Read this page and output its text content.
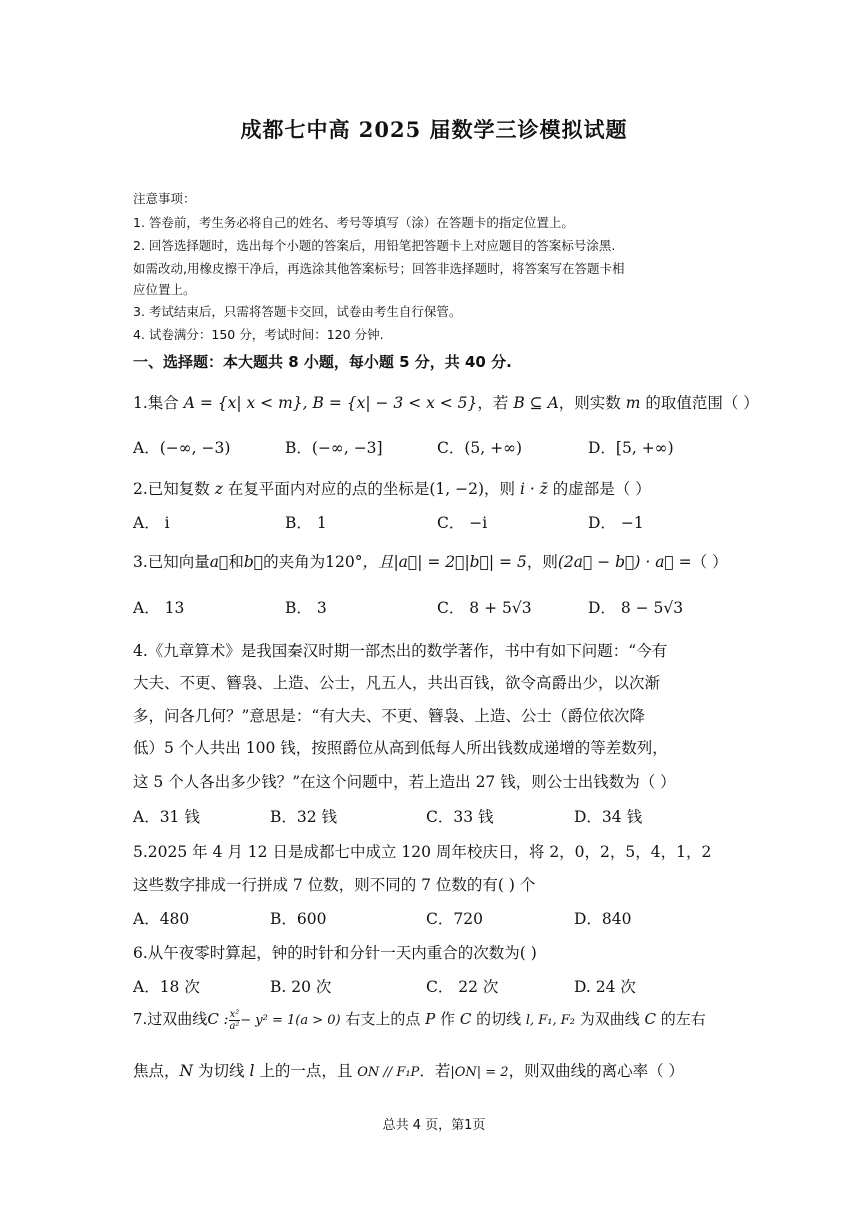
成都七中高 2025 届数学三诊模拟试题
注意事项：
1. 答卷前，考生务必将自己的姓名、考号等填写（涂）在答题卡的指定位置上。
2. 回答选择题时，选出每个小题的答案后，用铅笔把答题卡上对应题目的答案标号涂黑.
如需改动,用橡皮擦干净后，再选涂其他答案标号；回答非选择题时，将答案写在答题卡相
应位置上。
3. 考试结束后，只需将答题卡交回，试卷由考生自行保管。
4. 试卷满分：150 分，考试时间：120 分钟.
一、选择题：本大题共 8 小题，每小题 5 分，共 40 分.
1.集合 A = {x| x < m}, B = {x| − 3 < x < 5}，若 B ⊆ A，则实数 m 的取值范围（ ）
A．(−∞, −3)	B．(−∞, −3]	C．(5, +∞)	D．[5, +∞)
2.已知复数 z 在复平面内对应的点的坐标是(1, −2)，则 i · z̄ 的虚部是（ ）
A． i	B． 1	C． −i	D． −1
3.已知向量a⃗和b⃗的夹角为120°，且|a⃗| = 2，|b⃗| = 5，则(2a⃗ − b⃗) · a⃗ =（ ）
A． 13	B． 3	C． 8 + 5√3	D． 8 − 5√3
4.《九章算术》是我国秦汉时期一部杰出的数学著作，书中有如下问题：“今有
大夫、不更、簪袅、上造、公士，凡五人，共出百钱，欲令高爵出少，以次渐
多，问各几何？”意思是：“有大夫、不更、簪袅、上造、公士（爵位依次降
低）5 个人共出 100 钱，按照爵位从高到低每人所出钱数成递增的等差数列，
这 5 个人各出多少钱？”在这个问题中，若上造出 27 钱，则公士出钱数为（ ）
A．31 钱	B．32 钱	C．33 钱	D．34 钱
5.2025 年 4 月 12 日是成都七中成立 120 周年校庆日，将 2，0，2，5，4，1，2
这些数字排成一行拼成 7 位数，则不同的 7 位数的有( ) 个
A．480	B．600	C．720	D．840
6.从午夜零时算起，钟的时针和分针一天内重合的次数为( )
A．18 次	B. 20 次	C． 22 次	D. 24 次
7.过双曲线C : $\frac{\text{x²}}{\text{a²}} - y^2 = 1(a > 0)$ 右支上的点 P 作 C 的切线 l, F₁, F₂ 为双曲线 C 的左右
焦点，N 为切线 l 上的一点，且 ON // F₁P．若|ON| = 2，则双曲线的离心率（ ）
总共 4 页，第1页
